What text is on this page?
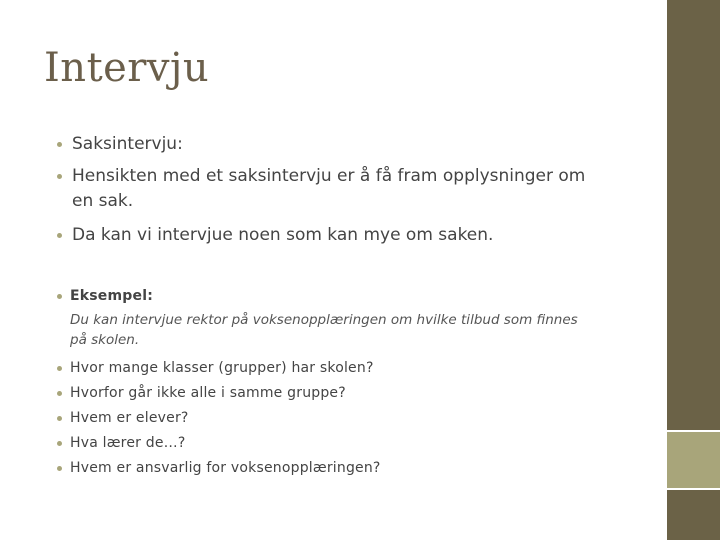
Intervju
Saksintervju:
Hensikten med et saksintervju er å få fram opplysninger om
en sak.
Da kan vi intervjue noen som kan mye om saken.
Eksempel:
Du kan intervjue rektor på voksenopplæringen om hvilke tilbud som finnes
på skolen.
Hvor mange klasser (grupper) har skolen?
Hvorfor går ikke alle i samme gruppe?
Hvem er elever?
Hva lærer de…?
Hvem er ansvarlig for voksenopplæringen?
